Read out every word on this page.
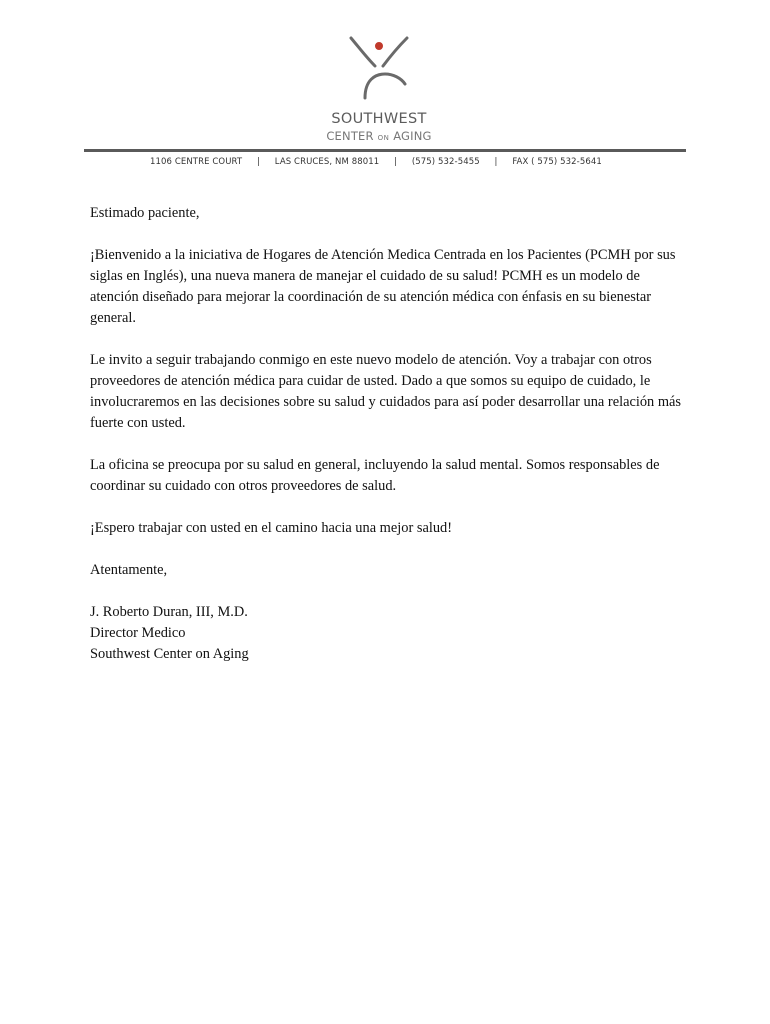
SOUTHWEST
CENTER ON AGING
1106 CENTRE COURT | LAS CRUCES, NM 88011 | (575) 532-5455 | FAX ( 575) 532-5641

Estimado paciente,

¡Bienvenido a la iniciativa de Hogares de Atención Medica Centrada en los Pacientes (PCMH por sus siglas en Inglés), una nueva manera de manejar el cuidado de su salud! PCMH es un modelo de atención diseñado para mejorar la coordinación de su atención médica con énfasis en su bienestar general.

Le invito a seguir trabajando conmigo en este nuevo modelo de atención. Voy a trabajar con otros proveedores de atención médica para cuidar de usted. Dado a que somos su equipo de cuidado, le involucraremos en las decisiones sobre su salud y cuidados para así poder desarrollar una relación más fuerte con usted.

La oficina se preocupa por su salud en general, incluyendo la salud mental. Somos responsables de coordinar su cuidado con otros proveedores de salud.

¡Espero trabajar con usted en el camino hacia una mejor salud!

Atentamente,

J. Roberto Duran, III, M.D.

Director Medico

Southwest Center on Aging
